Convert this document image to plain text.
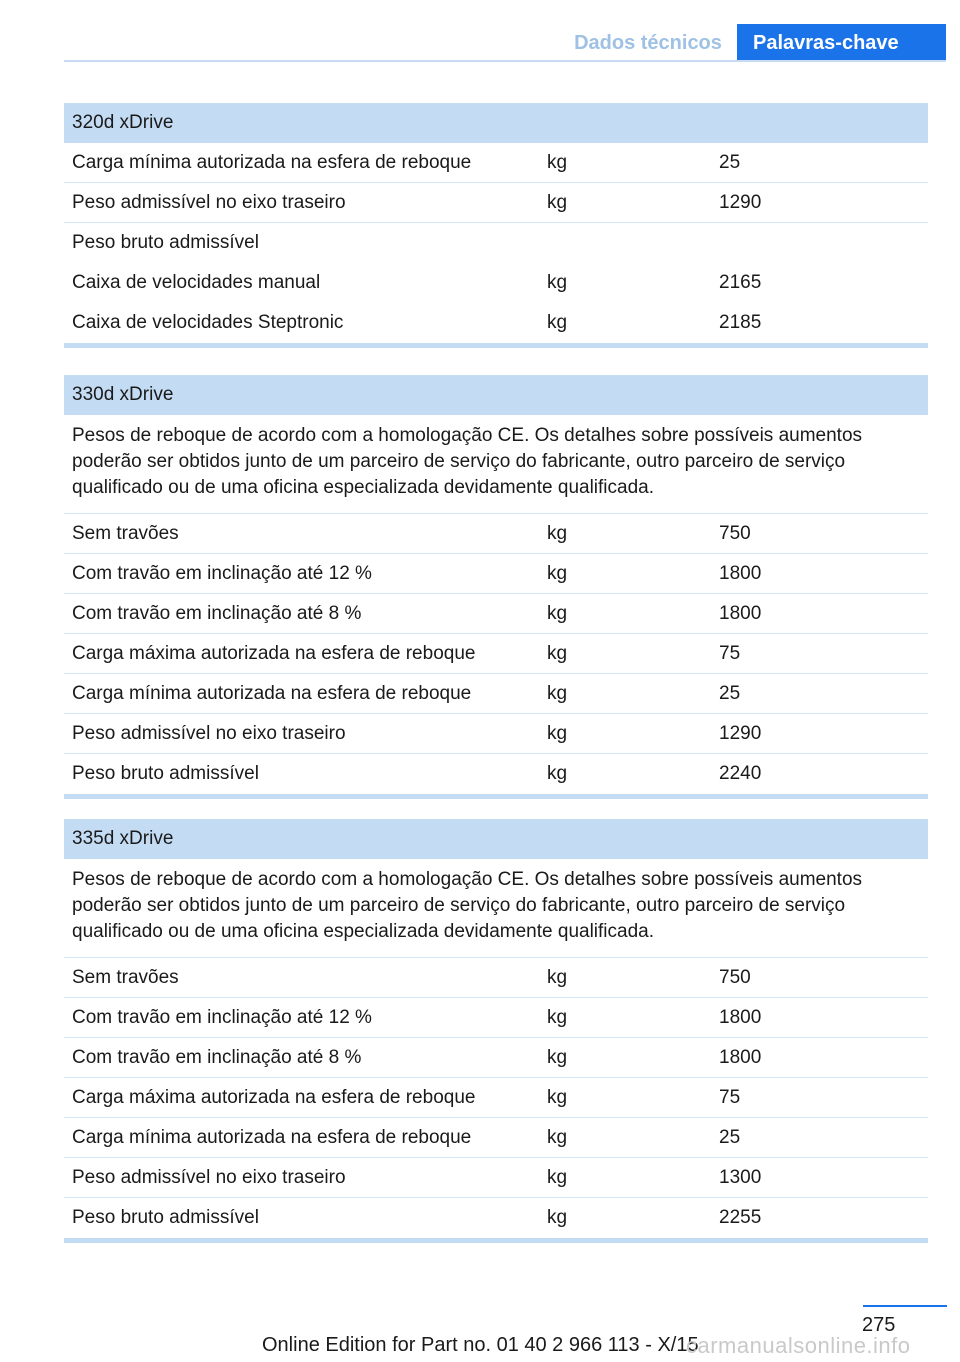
Dados técnicos	Palavras-chave
320d xDrive
Carga mínima autorizada na esfera de reboque	kg	25
Peso admissível no eixo traseiro	kg	1290
Peso bruto admissível
Caixa de velocidades manual	kg	2165
Caixa de velocidades Steptronic	kg	2185
330d xDrive
Pesos de reboque de acordo com a homologação CE. Os detalhes sobre possíveis aumentos poderão ser obtidos junto de um parceiro de serviço do fabricante, outro parceiro de serviço qualificado ou de uma oficina especializada devidamente qualificada.
Sem travões	kg	750
Com travão em inclinação até 12 %	kg	1800
Com travão em inclinação até 8 %	kg	1800
Carga máxima autorizada na esfera de reboque	kg	75
Carga mínima autorizada na esfera de reboque	kg	25
Peso admissível no eixo traseiro	kg	1290
Peso bruto admissível	kg	2240
335d xDrive
Pesos de reboque de acordo com a homologação CE. Os detalhes sobre possíveis aumentos poderão ser obtidos junto de um parceiro de serviço do fabricante, outro parceiro de serviço qualificado ou de uma oficina especializada devidamente qualificada.
Sem travões	kg	750
Com travão em inclinação até 12 %	kg	1800
Com travão em inclinação até 8 %	kg	1800
Carga máxima autorizada na esfera de reboque	kg	75
Carga mínima autorizada na esfera de reboque	kg	25
Peso admissível no eixo traseiro	kg	1300
Peso bruto admissível	kg	2255
275
Online Edition for Part no. 01 40 2 966 113 - X/15
carmanualsonline.info
